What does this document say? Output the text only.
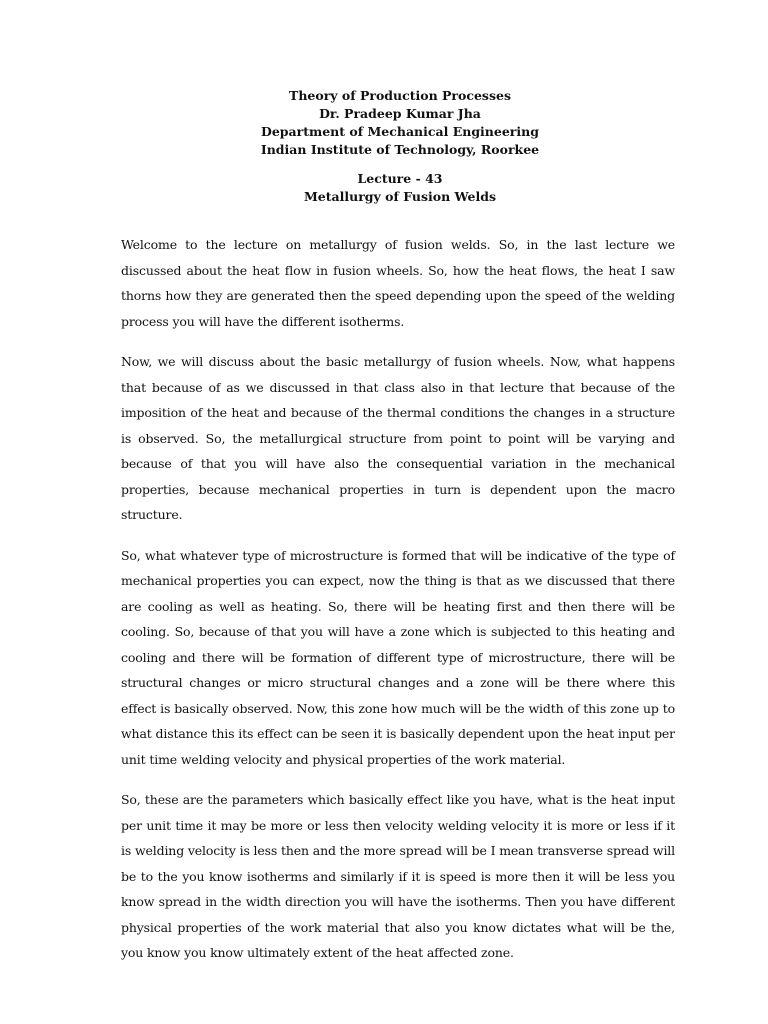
Theory of Production Processes
Dr. Pradeep Kumar Jha
Department of Mechanical Engineering
Indian Institute of Technology, Roorkee
Lecture - 43
Metallurgy of Fusion Welds

Welcome to the lecture on metallurgy of fusion welds. So, in the last lecture we discussed about the heat flow in fusion wheels. So, how the heat flows, the heat I saw thorns how they are generated then the speed depending upon the speed of the welding process you will have the different isotherms.

Now, we will discuss about the basic metallurgy of fusion wheels. Now, what happens that because of as we discussed in that class also in that lecture that because of the imposition of the heat and because of the thermal conditions the changes in a structure is observed. So, the metallurgical structure from point to point will be varying and because of that you will have also the consequential variation in the mechanical properties, because mechanical properties in turn is dependent upon the macro structure.

So, what whatever type of microstructure is formed that will be indicative of the type of mechanical properties you can expect, now the thing is that as we discussed that there are cooling as well as heating. So, there will be heating first and then there will be cooling. So, because of that you will have a zone which is subjected to this heating and cooling and there will be formation of different type of microstructure, there will be structural changes or micro structural changes and a zone will be there where this effect is basically observed. Now, this zone how much will be the width of this zone up to what distance this its effect can be seen it is basically dependent upon the heat input per unit time welding velocity and physical properties of the work material.

So, these are the parameters which basically effect like you have, what is the heat input per unit time it may be more or less then velocity welding velocity it is more or less if it is welding velocity is less then and the more spread will be I mean transverse spread will be to the you know isotherms and similarly if it is speed is more then it will be less you know spread in the width direction you will have the isotherms. Then you have different physical properties of the work material that also you know dictates what will be the, you know you know ultimately extent of the heat affected zone.
